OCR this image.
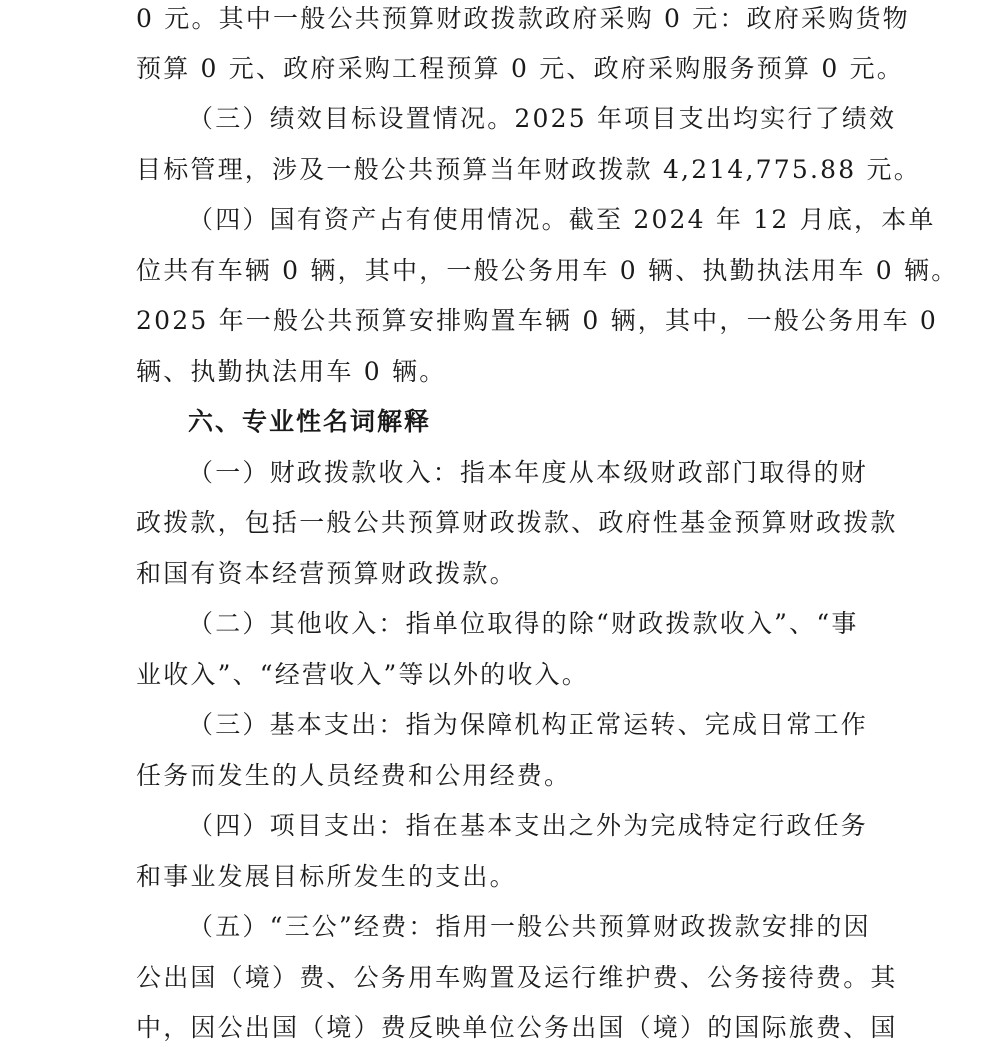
0 元。其中一般公共预算财政拨款政府采购 0 元：政府采购货物
预算 0 元、政府采购工程预算 0 元、政府采购服务预算 0 元。
（三）绩效目标设置情况。2025 年项目支出均实行了绩效
目标管理，涉及一般公共预算当年财政拨款 4,214,775.88 元。
（四）国有资产占有使用情况。截至 2024 年 12 月底，本单
位共有车辆 0 辆，其中，一般公务用车 0 辆、执勤执法用车 0 辆。
2025 年一般公共预算安排购置车辆 0 辆，其中，一般公务用车 0
辆、执勤执法用车 0 辆。
六、专业性名词解释
（一）财政拨款收入：指本年度从本级财政部门取得的财
政拨款，包括一般公共预算财政拨款、政府性基金预算财政拨款
和国有资本经营预算财政拨款。
（二）其他收入：指单位取得的除“财政拨款收入”、“事
业收入”、“经营收入”等以外的收入。
（三）基本支出：指为保障机构正常运转、完成日常工作
任务而发生的人员经费和公用经费。
（四）项目支出：指在基本支出之外为完成特定行政任务
和事业发展目标所发生的支出。
（五）“三公”经费：指用一般公共预算财政拨款安排的因
公出国（境）费、公务用车购置及运行维护费、公务接待费。其
中，因公出国（境）费反映单位公务出国（境）的国际旅费、国
